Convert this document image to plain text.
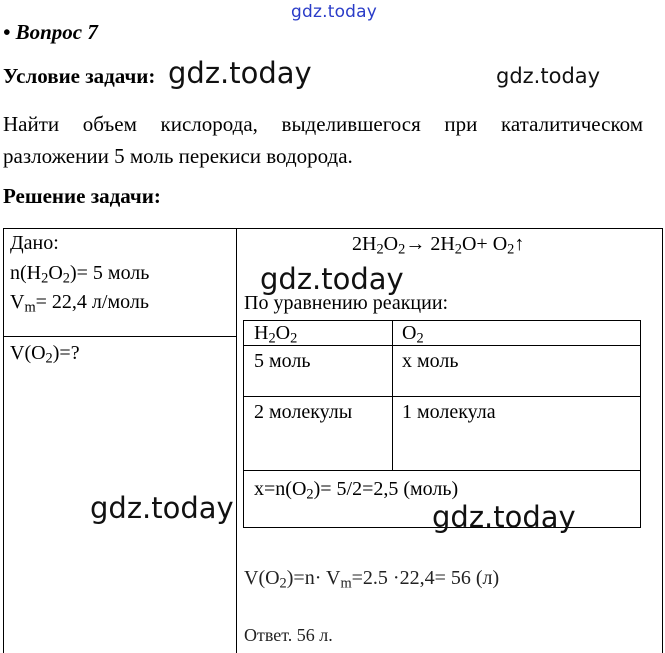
gdz.today
• Вопрос 7
Условие задачи: gdz.today	gdz.today
Найти объем кислорода, выделившегося при каталитическом разложении 5 моль перекиси водорода.
Решение задачи:
Дано:
$n(H_2O_2)= 5$ моль
$V_m= 22,4$ л/моль
$V(O_2)=$?
$2H_2O_2\to 2H_2O+$ $O_2↑$
gdz.today
По уравнению реакции:
$H_2O_2$	$O_2$
5 моль	x моль
2 молекулы 1 молекула
$x=n(O_2)= 5/2=2,5$ (моль)
gdz.today	gdz.today
$V(O_2)=n\cdot V_m=2.5 \cdot 22,4= 56$ (л)
Ответ. 56 л.
